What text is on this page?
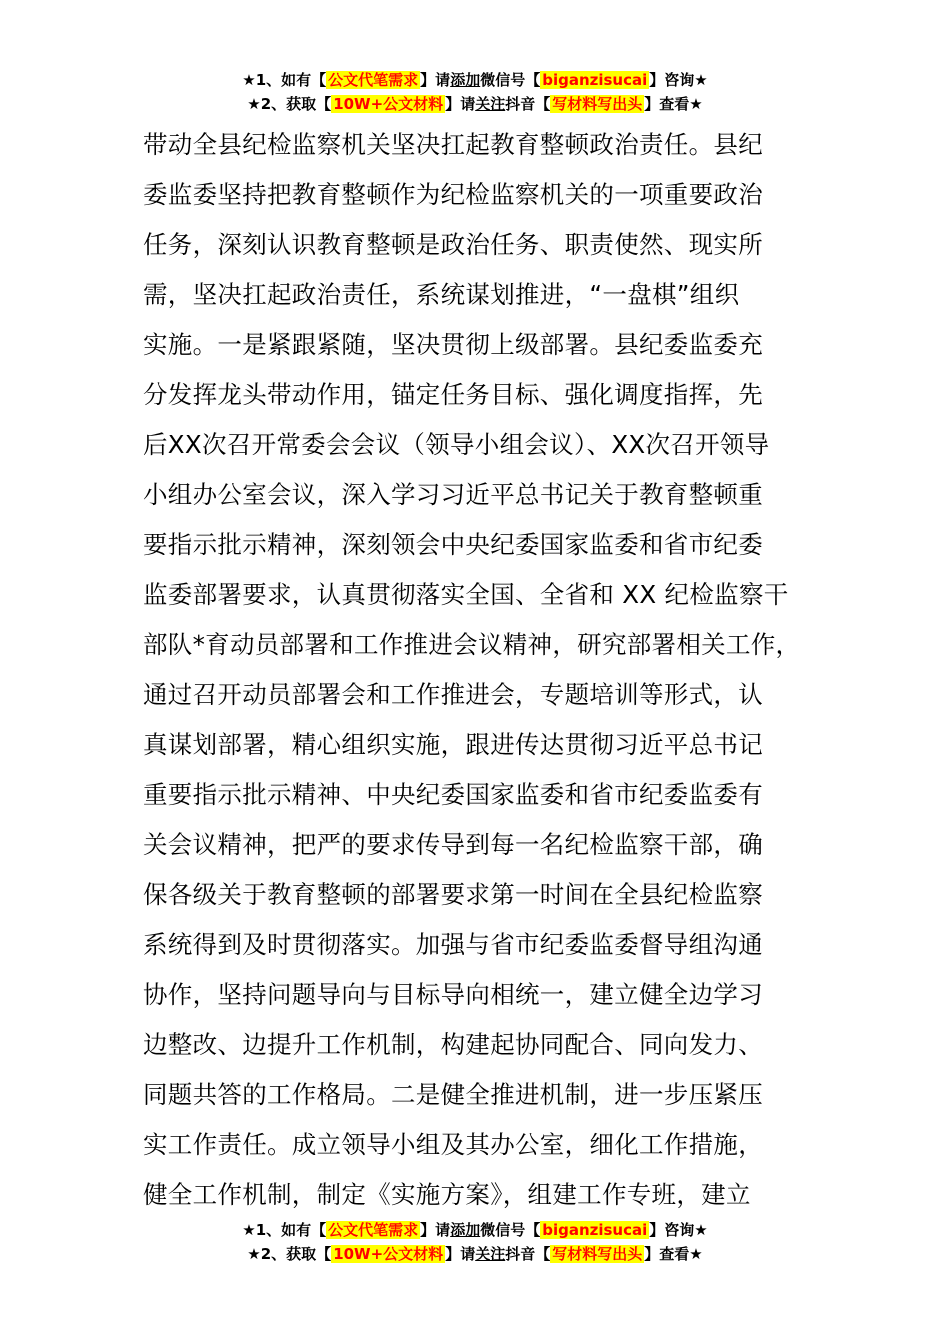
★1、如有【 公文代笔需求 】请添加微信号【 biganzisucai 】咨询★
★2、获取【 10W+公文材料 】请关注抖音【 写材料写出头 】查看★
带动全县纪检监察机关坚决扛起教育整顿政治责任。县纪
委监委坚持把教育整顿作为纪检监察机关的一项重要政治
任务，深刻认识教育整顿是政治任务、职责使然、现实所
需，坚决扛起政治责任，系统谋划推进，“一盘棋”组织
实施。一是紧跟紧随，坚决贯彻上级部署。县纪委监委充
分发挥龙头带动作用，锚定任务目标、强化调度指挥，先
后XX次召开常委会会议（领导小组会议）、XX次召开领导
小组办公室会议，深入学习习近平总书记关于教育整顿重
要指示批示精神，深刻领会中央纪委国家监委和省市纪委
监委部署要求，认真贯彻落实全国、全省和 XX 纪检监察干
部队*育动员部署和工作推进会议精神，研究部署相关工作，
通过召开动员部署会和工作推进会，专题培训等形式，认
真谋划部署，精心组织实施，跟进传达贯彻习近平总书记
重要指示批示精神、中央纪委国家监委和省市纪委监委有
关会议精神，把严的要求传导到每一名纪检监察干部，确
保各级关于教育整顿的部署要求第一时间在全县纪检监察
系统得到及时贯彻落实。加强与省市纪委监委督导组沟通
协作，坚持问题导向与目标导向相统一，建立健全边学习
边整改、边提升工作机制，构建起协同配合、同向发力、
同题共答的工作格局。二是健全推进机制，进一步压紧压
实工作责任。成立领导小组及其办公室，细化工作措施，
健全工作机制，制定《实施方案》，组建工作专班，建立
★1、如有【 公文代笔需求 】请添加微信号【 biganzisucai 】咨询★
★2、获取【 10W+公文材料 】请关注抖音【 写材料写出头 】查看★
